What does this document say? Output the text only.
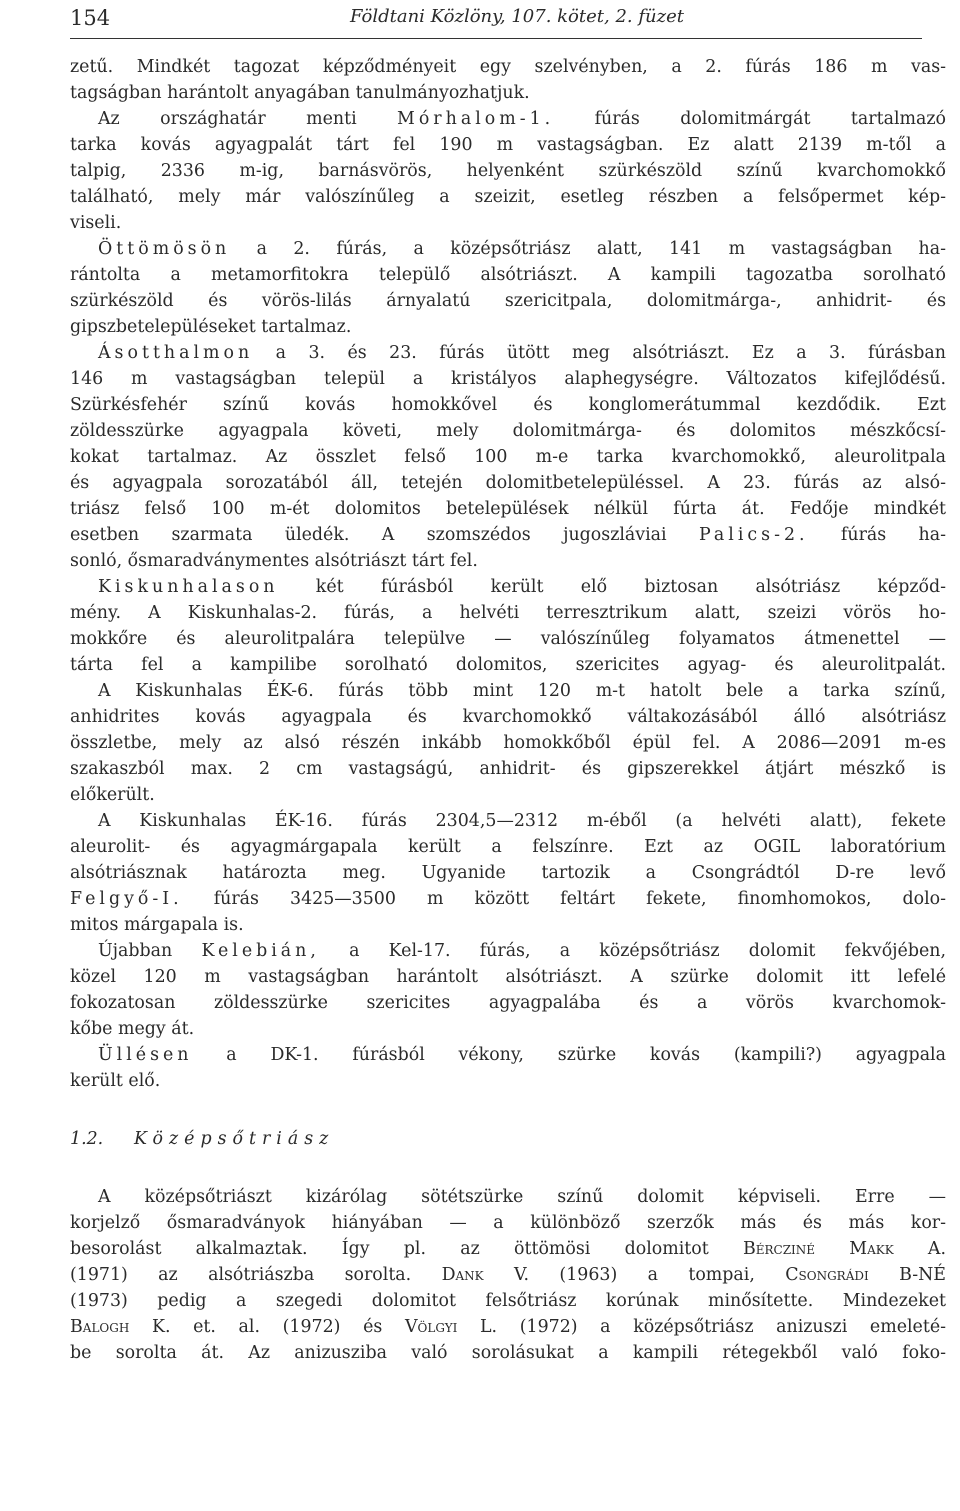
154	Földtani Közlöny, 107. kötet, 2. füzet
zetű. Mindkét tagozat képződményeit egy szelvényben, a 2. fúrás 186 m vas-
tagságban harántolt anyagában tanulmányozhatjuk.
Az országhatár menti Mórhalom-1. fúrás dolomitmárgát tartalmazó
tarka kovás agyagpalát tárt fel 190 m vastagságban. Ez alatt 2139 m-től a
talpig, 2336 m-ig, barnásvörös, helyenként szürkészöld színű kvarchomokkő
található, mely már valószínűleg a szeizit, esetleg részben a felsőpermet kép-
viseli.
Öttömösön a 2. fúrás, a középsőtriász alatt, 141 m vastagságban ha-
rántolta a metamorfitokra települő alsótriászt. A kampili tagozatba sorolható
szürkészöld és vörös-lilás árnyalatú szericitpala, dolomitmárga-, anhidrit- és
gipszbetelepüléseket tartalmaz.
Ásotthalmon a 3. és 23. fúrás ütött meg alsótriászt. Ez a 3. fúrásban
146 m vastagságban települ a kristályos alaphegységre. Változatos kifejlődésű.
Szürkésfehér színű kovás homokkővel és konglomerátummal kezdődik. Ezt
zöldesszürke agyagpala követi, mely dolomitmárga- és dolomitos mészkőcsí-
kokat tartalmaz. Az összlet felső 100 m-e tarka kvarchomokkő, aleurolitpala
és agyagpala sorozatából áll, tetején dolomitbetelepüléssel. A 23. fúrás az alsó-
triász felső 100 m-ét dolomitos betelepülések nélkül fúrta át. Fedője mindkét
esetben szarmata üledék. A szomszédos jugoszláviai Palics-2. fúrás ha-
sonló, ősmaradványmentes alsótriászt tárt fel.
Kiskunhalason két fúrásból került elő biztosan alsótriász képződ-
mény. A Kiskunhalas-2. fúrás, a helvéti terresztrikum alatt, szeizi vörös ho-
mokkőre és aleurolitpalára települve — valószínűleg folyamatos átmenettel —
tárta fel a kampilibe sorolható dolomitos, szericites agyag- és aleurolitpalát.
A Kiskunhalas ÉK-6. fúrás több mint 120 m-t hatolt bele a tarka színű,
anhidrites kovás agyagpala és kvarchomokkő váltakozásából álló alsótriász
összletbe, mely az alsó részén inkább homokkőből épül fel. A 2086—2091 m-es
szakaszból max. 2 cm vastagságú, anhidrit- és gipszerekkel átjárt mészkő is
előkerült.
A Kiskunhalas ÉK-16. fúrás 2304,5—2312 m-éből (a helvéti alatt), fekete
aleurolit- és agyagmárgapala került a felszínre. Ezt az OGIL laboratórium
alsótriásznak határozta meg. Ugyanide tartozik a Csongrádtól D-re levő
Felgyő-I. fúrás 3425—3500 m között feltárt fekete, finomhomokos, dolo-
mitos márgapala is.
Újabban Kelebián, a Kel-17. fúrás, a középsőtriász dolomit fekvőjében,
közel 120 m vastagságban harántolt alsótriászt. A szürke dolomit itt lefelé
fokozatosan zöldesszürke szericites agyagpalába és a vörös kvarchomok-
kőbe megy át.
Üllésen a DK-1. fúrásból vékony, szürke kovás (kampili?) agyagpala
került elő.
1.2. Középsőtriász
A középsőtriászt kizárólag sötétszürke színű dolomit képviseli. Erre —
korjelző ősmaradványok hiányában — a különböző szerzők más és más kor-
besorolást alkalmaztak. Így pl. az öttömösi dolomitot Bércziné Makk A.
(1971) az alsótriászba sorolta. Dank V. (1963) a tompai, Csongrádi B-NÉ
(1973) pedig a szegedi dolomitot felsőtriász korúnak minősítette. Mindezeket
Balogh K. et. al. (1972) és Völgyi L. (1972) a középsőtriász anizuszi emeleté-
be sorolta át. Az anizusziba való sorolásukat a kampili rétegekből való foko-
